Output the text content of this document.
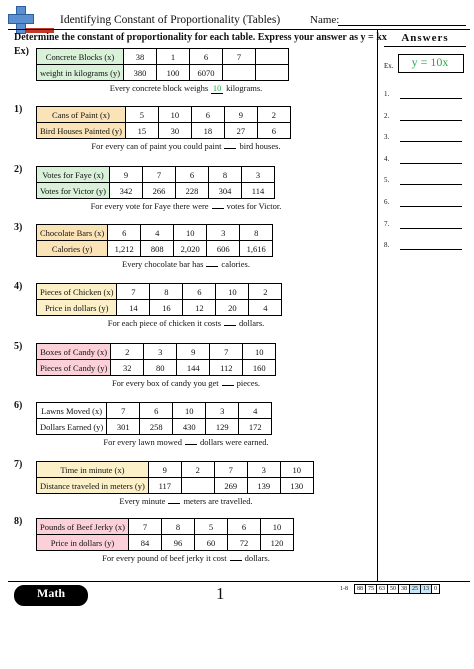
Identifying Constant of Proportionality (Tables)	Name:
Determine the constant of proportionality for each table. Express your answer as y = kx	Answers
Ex.	y = 10x
1.
2.
3.
4.
5.
6.
7.
8.
Ex) Concrete Blocks (x)	38	1	6	7	
weight in kilograms (y)	380	100	6070		
Every concrete block weighs 10 kilograms.
1)	Cans of Paint (x)	5	10	6	9	2
Bird Houses Painted (y)	15	30	18	27	6
For every can of paint you could paint bird houses.
2) Votes for Faye (x)	9	7	6	8	3
Votes for Victor (y)	342	266	228	304	114
For every vote for Faye there were votes for Victor.
3) Chocolate Bars (x)	6	4	10	3	8
Calories (y)	1,212	808	2,020	606	1,616
Every chocolate bar has calories.
4) Pieces of Chicken (x)	7	8	6	10	2
Price in dollars (y)	14	16	12	20	4
For each piece of chicken it costs dollars.
5) Boxes of Candy (x)	2	3	9	7	10
Pieces of Candy (y)	32	80	144	112	160
For every box of candy you get pieces.
6) Lawns Moved (x)	7	6	10	3	4
Dollars Earned (y)	301	258	430	129	172
For every lawn mowed dollars were earned.
7)	Time in minute (x)	9	2	7	3	10
Distance traveled in meters (y)	117		269	139	130
Every minute meters are travelled.
8) Pounds of Beef Jerky (x)	7	8	5	6	10
Price in dollars (y)	84	96	60	72	120
For every pound of beef jerky it cost dollars.
Math	1	1-8 88	75	63	50	38	25	13	0
